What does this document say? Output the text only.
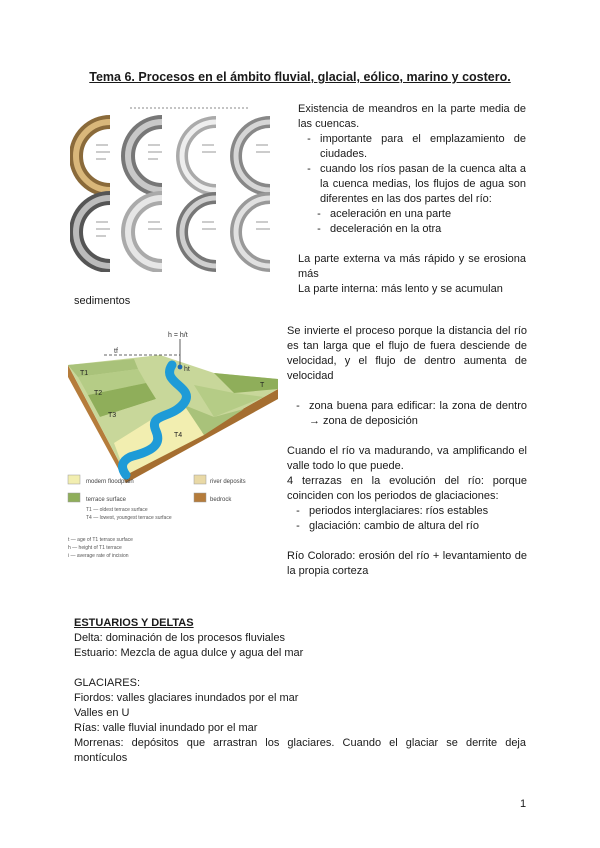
Tema 6. Procesos en el ámbito fluvial, glacial, eólico, marino y costero.

Existencia de meandros en la parte media de las cuencas.

- importante para el emplazamiento de ciudades.
- cuando los ríos pasan de la cuenca alta a la cuenca medias, los flujos de agua son diferentes en las dos partes del río:
- aceleración en una parte
- deceleración en la otra

La parte externa va más rápido y se erosiona más

La parte interna: más lento y se acumulan

sedimentos
tf
h = h/t
ht
T1
T2
T3
T4
T
modern floodplain
terrace surface
T1 — oldest terrace surface
T4 — lowest, youngest terrace surface
river deposits
bedrock
t — age of T1 terrace surface
h — height of T1 terrace
i — average rate of incision

Se invierte el proceso porque la distancia del río es tan larga que el flujo de fuera desciende de velocidad, y el flujo de dentro aumenta de velocidad

- zona buena para edificar: la zona de dentro → zona de deposición

Cuando el río va madurando, va amplificando el valle todo lo que puede.

4 terrazas en la evolución del río: porque coinciden con los periodos de glaciaciones:

- periodos interglaciares: ríos estables
- glaciación: cambio de altura del río

Río Colorado: erosión del río + levantamiento de la propia corteza

ESTUARIOS Y DELTAS

Delta: dominación de los procesos fluviales

Estuario: Mezcla de agua dulce y agua del mar

GLACIARES:

Fiordos: valles glaciares inundados por el mar

Valles en U

Rías: valle fluvial inundado por el mar

Morrenas: depósitos que arrastran los glaciares. Cuando el glaciar se derrite deja montículos

1
